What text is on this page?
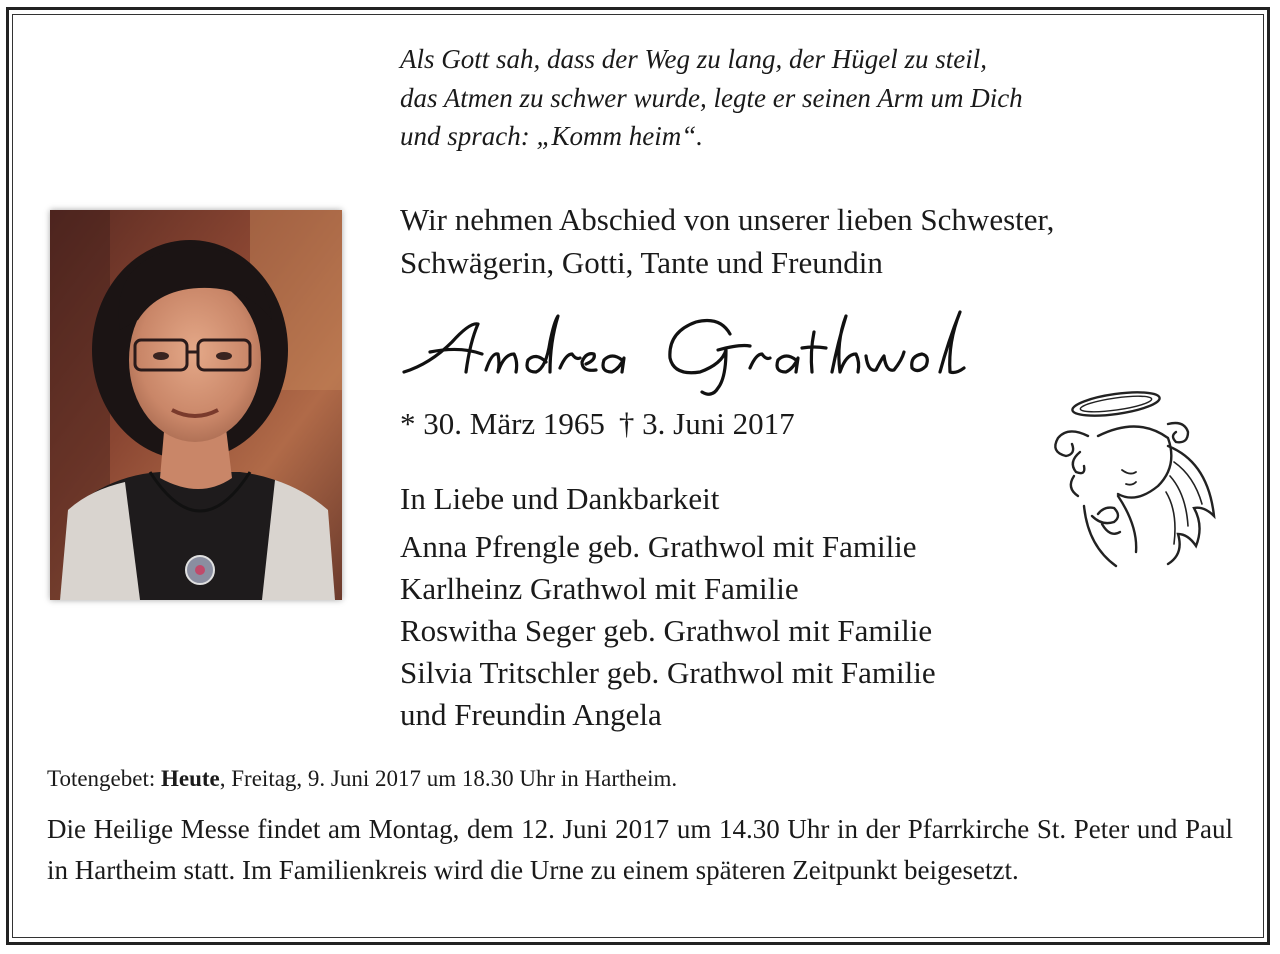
Als Gott sah, dass der Weg zu lang, der Hügel zu steil,
das Atmen zu schwer wurde, legte er seinen Arm um Dich
und sprach: „Komm heim“.
Wir nehmen Abschied von unserer lieben Schwester,
Schwägerin, Gotti, Tante und Freundin
* 30. März 1965 † 3. Juni 2017
In Liebe und Dankbarkeit
Anna Pfrengle geb. Grathwol mit Familie
Karlheinz Grathwol mit Familie
Roswitha Seger geb. Grathwol mit Familie
Silvia Tritschler geb. Grathwol mit Familie
und Freundin Angela
Totengebet: Heute, Freitag, 9. Juni 2017 um 18.30 Uhr in Hartheim.
Die Heilige Messe findet am Montag, dem 12. Juni 2017 um 14.30 Uhr in der Pfarrkirche St. Peter und Paul in Hartheim statt. Im Familienkreis wird die Urne zu einem späteren Zeitpunkt beigesetzt.
